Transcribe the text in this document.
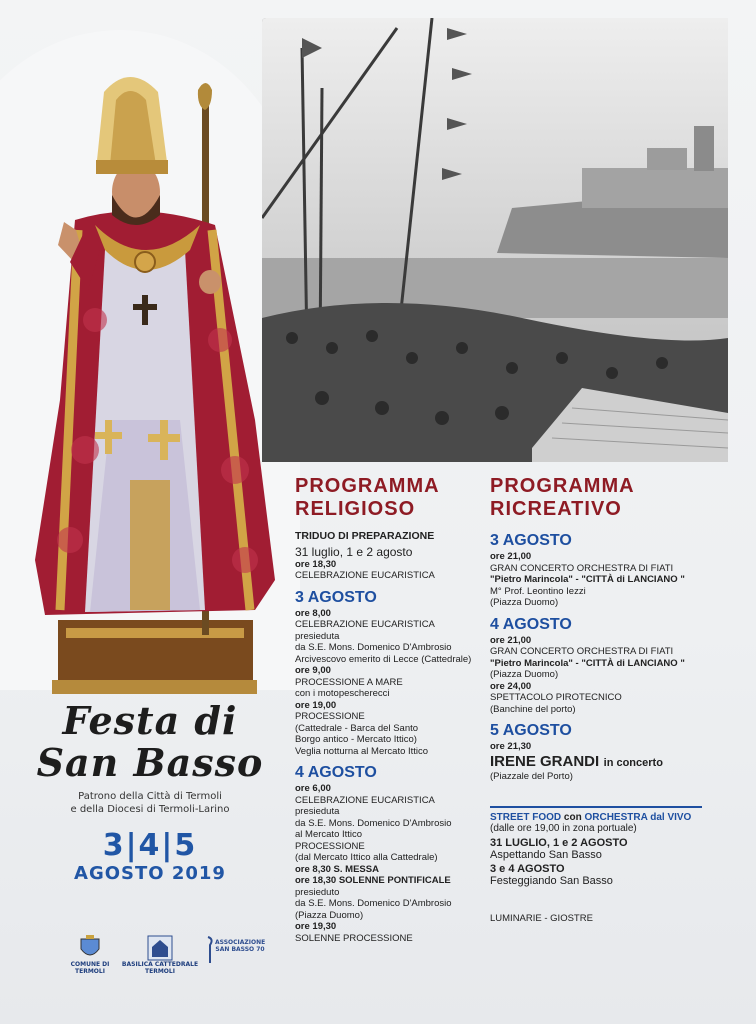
Festa di
San Basso
Patrono della Città di Termoli
e della Diocesi di Termoli-Larino
3|4|5
AGOSTO 2019
COMUNE DI
TERMOLI
BASILICA CATTEDRALE
TERMOLI
ASSOCIAZIONE
SAN BASSO 70
PROGRAMMA
RELIGIOSO
TRIDUO DI PREPARAZIONE
31 luglio, 1 e 2 agosto
ore 18,30
CELEBRAZIONE EUCARISTICA
3 AGOSTO
ore 8,00
CELEBRAZIONE EUCARISTICA
presieduta
da S.E. Mons. Domenico D'Ambrosio
Arcivescovo emerito di Lecce (Cattedrale)
ore 9,00
PROCESSIONE A MARE
con i motopescherecci
ore 19,00
PROCESSIONE
(Cattedrale - Barca del Santo
Borgo antico - Mercato Ittico)
Veglia notturna al Mercato Ittico
4 AGOSTO
ore 6,00
CELEBRAZIONE EUCARISTICA
presieduta
da S.E. Mons. Domenico D'Ambrosio
al Mercato Ittico
PROCESSIONE
(dal Mercato Ittico alla Cattedrale)
ore 8,30 S. MESSA
ore 18,30 SOLENNE PONTIFICALE
presieduto
da S.E. Mons. Domenico D'Ambrosio
(Piazza Duomo)
ore 19,30
SOLENNE PROCESSIONE
PROGRAMMA
RICREATIVO
3 AGOSTO
ore 21,00
GRAN CONCERTO ORCHESTRA DI FIATI
"Pietro Marincola" - "CITTÀ di LANCIANO "
M° Prof. Leontino Iezzi
(Piazza Duomo)
4 AGOSTO
ore 21,00
GRAN CONCERTO ORCHESTRA DI FIATI
"Pietro Marincola" - "CITTÀ di LANCIANO "
(Piazza Duomo)
ore 24,00
SPETTACOLO PIROTECNICO
(Banchine del porto)
5 AGOSTO
ore 21,30
IRENE GRANDI in concerto
(Piazzale del Porto)
STREET FOOD con ORCHESTRA dal VIVO
(dalle ore 19,00 in zona portuale)
31 LUGLIO, 1 e 2 AGOSTO
Aspettando San Basso
3 e 4 AGOSTO
Festeggiando San Basso
LUMINARIE - GIOSTRE
